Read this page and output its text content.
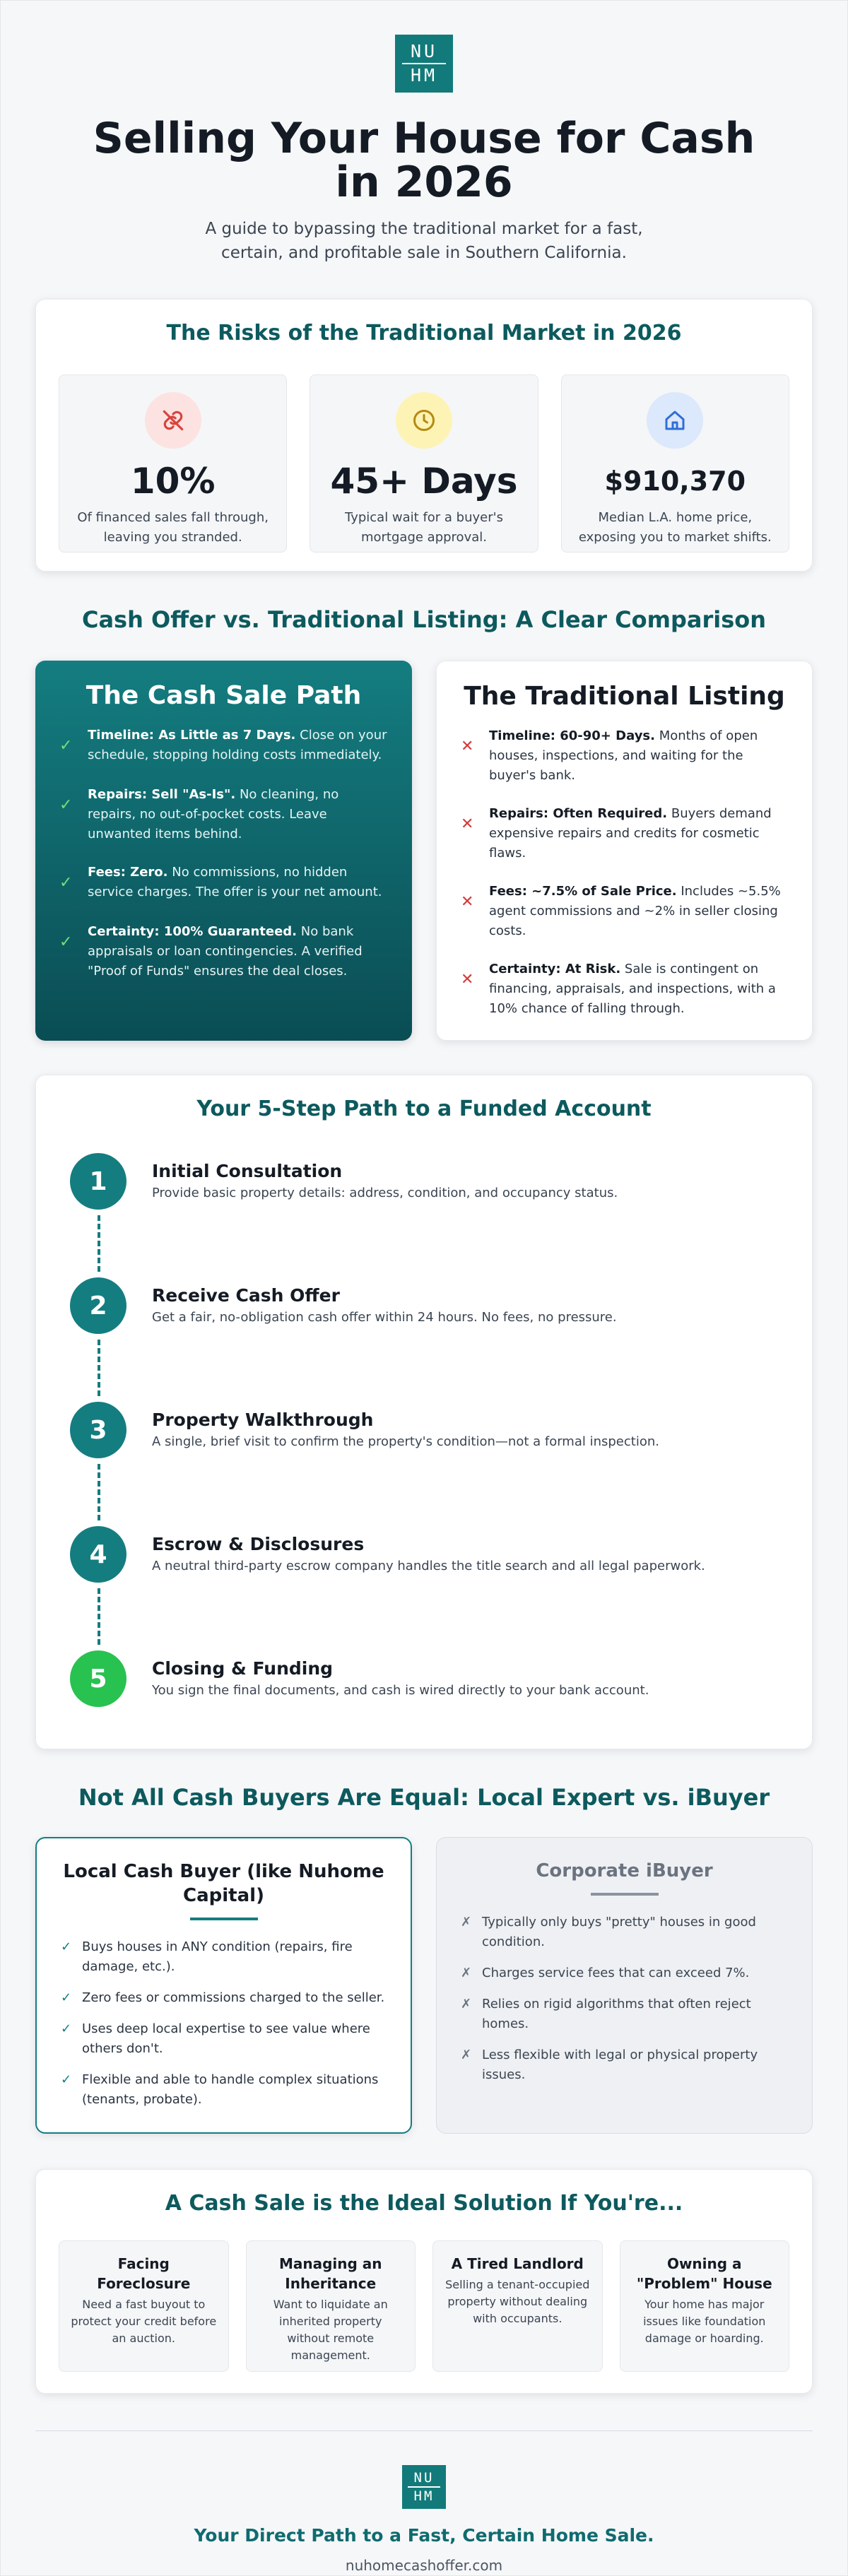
NU
HM
Selling Your House for Cash in 2026

A guide to bypassing the traditional market for a fast, certain, and profitable sale in Southern California.

The Risks of the Traditional Market in 2026
10%
Of financed sales fall through, leaving you stranded.
45+ Days
Typical wait for a buyer's mortgage approval.
$910,370
Median L.A. home price, exposing you to market shifts.
Cash Offer vs. Traditional Listing: A Clear Comparison
The Cash Sale Path
✓
Timeline: As Little as 7 Days. Close on your schedule, stopping holding costs immediately.
✓
Repairs: Sell "As-Is". No cleaning, no repairs, no out-of-pocket costs. Leave unwanted items behind.
✓
Fees: Zero. No commissions, no hidden service charges. The offer is your net amount.
✓
Certainty: 100% Guaranteed. No bank appraisals or loan contingencies. A verified "Proof of Funds" ensures the deal closes.
The Traditional Listing
✕
Timeline: 60-90+ Days. Months of open houses, inspections, and waiting for the buyer's bank.
✕
Repairs: Often Required. Buyers demand expensive repairs and credits for cosmetic flaws.
✕
Fees: ~7.5% of Sale Price. Includes ~5.5% agent commissions and ~2% in seller closing costs.
✕
Certainty: At Risk. Sale is contingent on financing, appraisals, and inspections, with a 10% chance of falling through.
Your 5-Step Path to a Funded Account
1	Initial Consultation
Provide basic property details: address, condition, and occupancy status.
2	Receive Cash Offer
Get a fair, no-obligation cash offer within 24 hours. No fees, no pressure.
3	Property Walkthrough
A single, brief visit to confirm the property's condition—not a formal inspection.
4	Escrow & Disclosures
A neutral third-party escrow company handles the title search and all legal paperwork.
5	Closing & Funding
You sign the final documents, and cash is wired directly to your bank account.
Not All Cash Buyers Are Equal: Local Expert vs. iBuyer
Local Cash Buyer (like Nuhome Capital)
✓ Buys houses in ANY condition (repairs, fire damage, etc.).
✓ Zero fees or commissions charged to the seller.
✓ Uses deep local expertise to see value where others don't.
✓ Flexible and able to handle complex situations (tenants, probate).
Corporate iBuyer
✗ Typically only buys "pretty" houses in good condition.
✗ Charges service fees that can exceed 7%.
✗ Relies on rigid algorithms that often reject homes.
✗ Less flexible with legal or physical property issues.
A Cash Sale is the Ideal Solution If You're...
Facing Foreclosure
Need a fast buyout to protect your credit before an auction.
Managing an Inheritance
Want to liquidate an inherited property without remote management.
A Tired Landlord
Selling a tenant-occupied property without dealing with occupants.
Owning a "Problem" House
Your home has major issues like foundation damage or hoarding.
NU
HM
Your Direct Path to a Fast, Certain Home Sale.
nuhomecashoffer.com
